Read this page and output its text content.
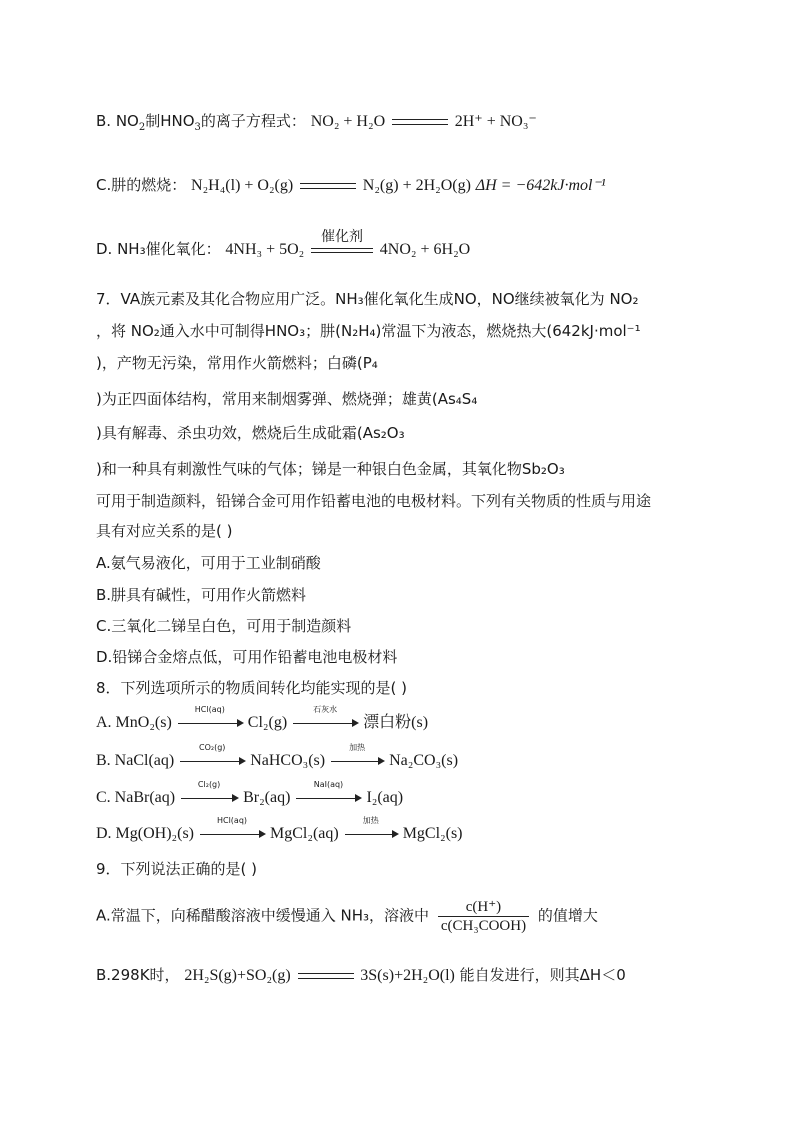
B. $NO_2$制$HNO_3$的离子方程式： NO₂ + H₂O	2H⁺ + NO₃⁻
C.肼的燃烧： N₂H₄(l) + O₂(g)	N₂(g) + 2H₂O(g) ΔH = −642kJ·mol⁻¹
D. NH₃催化氧化： 4NH₃ + 5O₂
催化剂
4NO₂ + 6H₂O
7．VA族元素及其化合物应用广泛。NH₃催化氧化生成NO，NO继续被氧化为 NO₂
，将 NO₂通入水中可制得HNO₃；肼(N₂H₄)常温下为液态，燃烧热大(642kJ·mol⁻¹
)，产物无污染，常用作火箭燃料；白磷(P₄
)为正四面体结构，常用来制烟雾弹、燃烧弹；雄黄(As₄S₄
)具有解毒、杀虫功效，燃烧后生成砒霜(As₂O₃
)和一种具有刺激性气味的气体；锑是一种银白色金属，其氧化物Sb₂O₃
可用于制造颜料，铅锑合金可用作铅蓄电池的电极材料。下列有关物质的性质与用途
具有对应关系的是( )
A.氨气易液化，可用于工业制硝酸
B.肼具有碱性，可用作火箭燃料
C.三氧化二锑呈白色，可用于制造颜料
D.铅锑合金熔点低，可用作铅蓄电池电极材料
8．下列选项所示的物质间转化均能实现的是( )
A. MnO₂(s)
HCl(aq)
Cl₂(g)
石灰水
漂白粉(s)
B. NaCl(aq)
CO₂(g)
NaHCO₃(s)
加热
Na₂CO₃(s)
C. NaBr(aq)
Cl₂(g)
Br₂(aq)
NaI(aq)
I₂(aq)
D. Mg(OH)₂(s)
HCl(aq)
MgCl₂(aq)
加热
MgCl₂(s)
9．下列说法正确的是( )
A.常温下，向稀醋酸溶液中缓慢通入 NH₃，溶液中 $\frac{c(H^+)}{\text{c(CH₃COOH)}}$ 的值增大
B.298K时， 2H₂S(g)+SO₂(g)	3S(s)+2H₂O(l) 能自发进行，则其ΔH＜0
